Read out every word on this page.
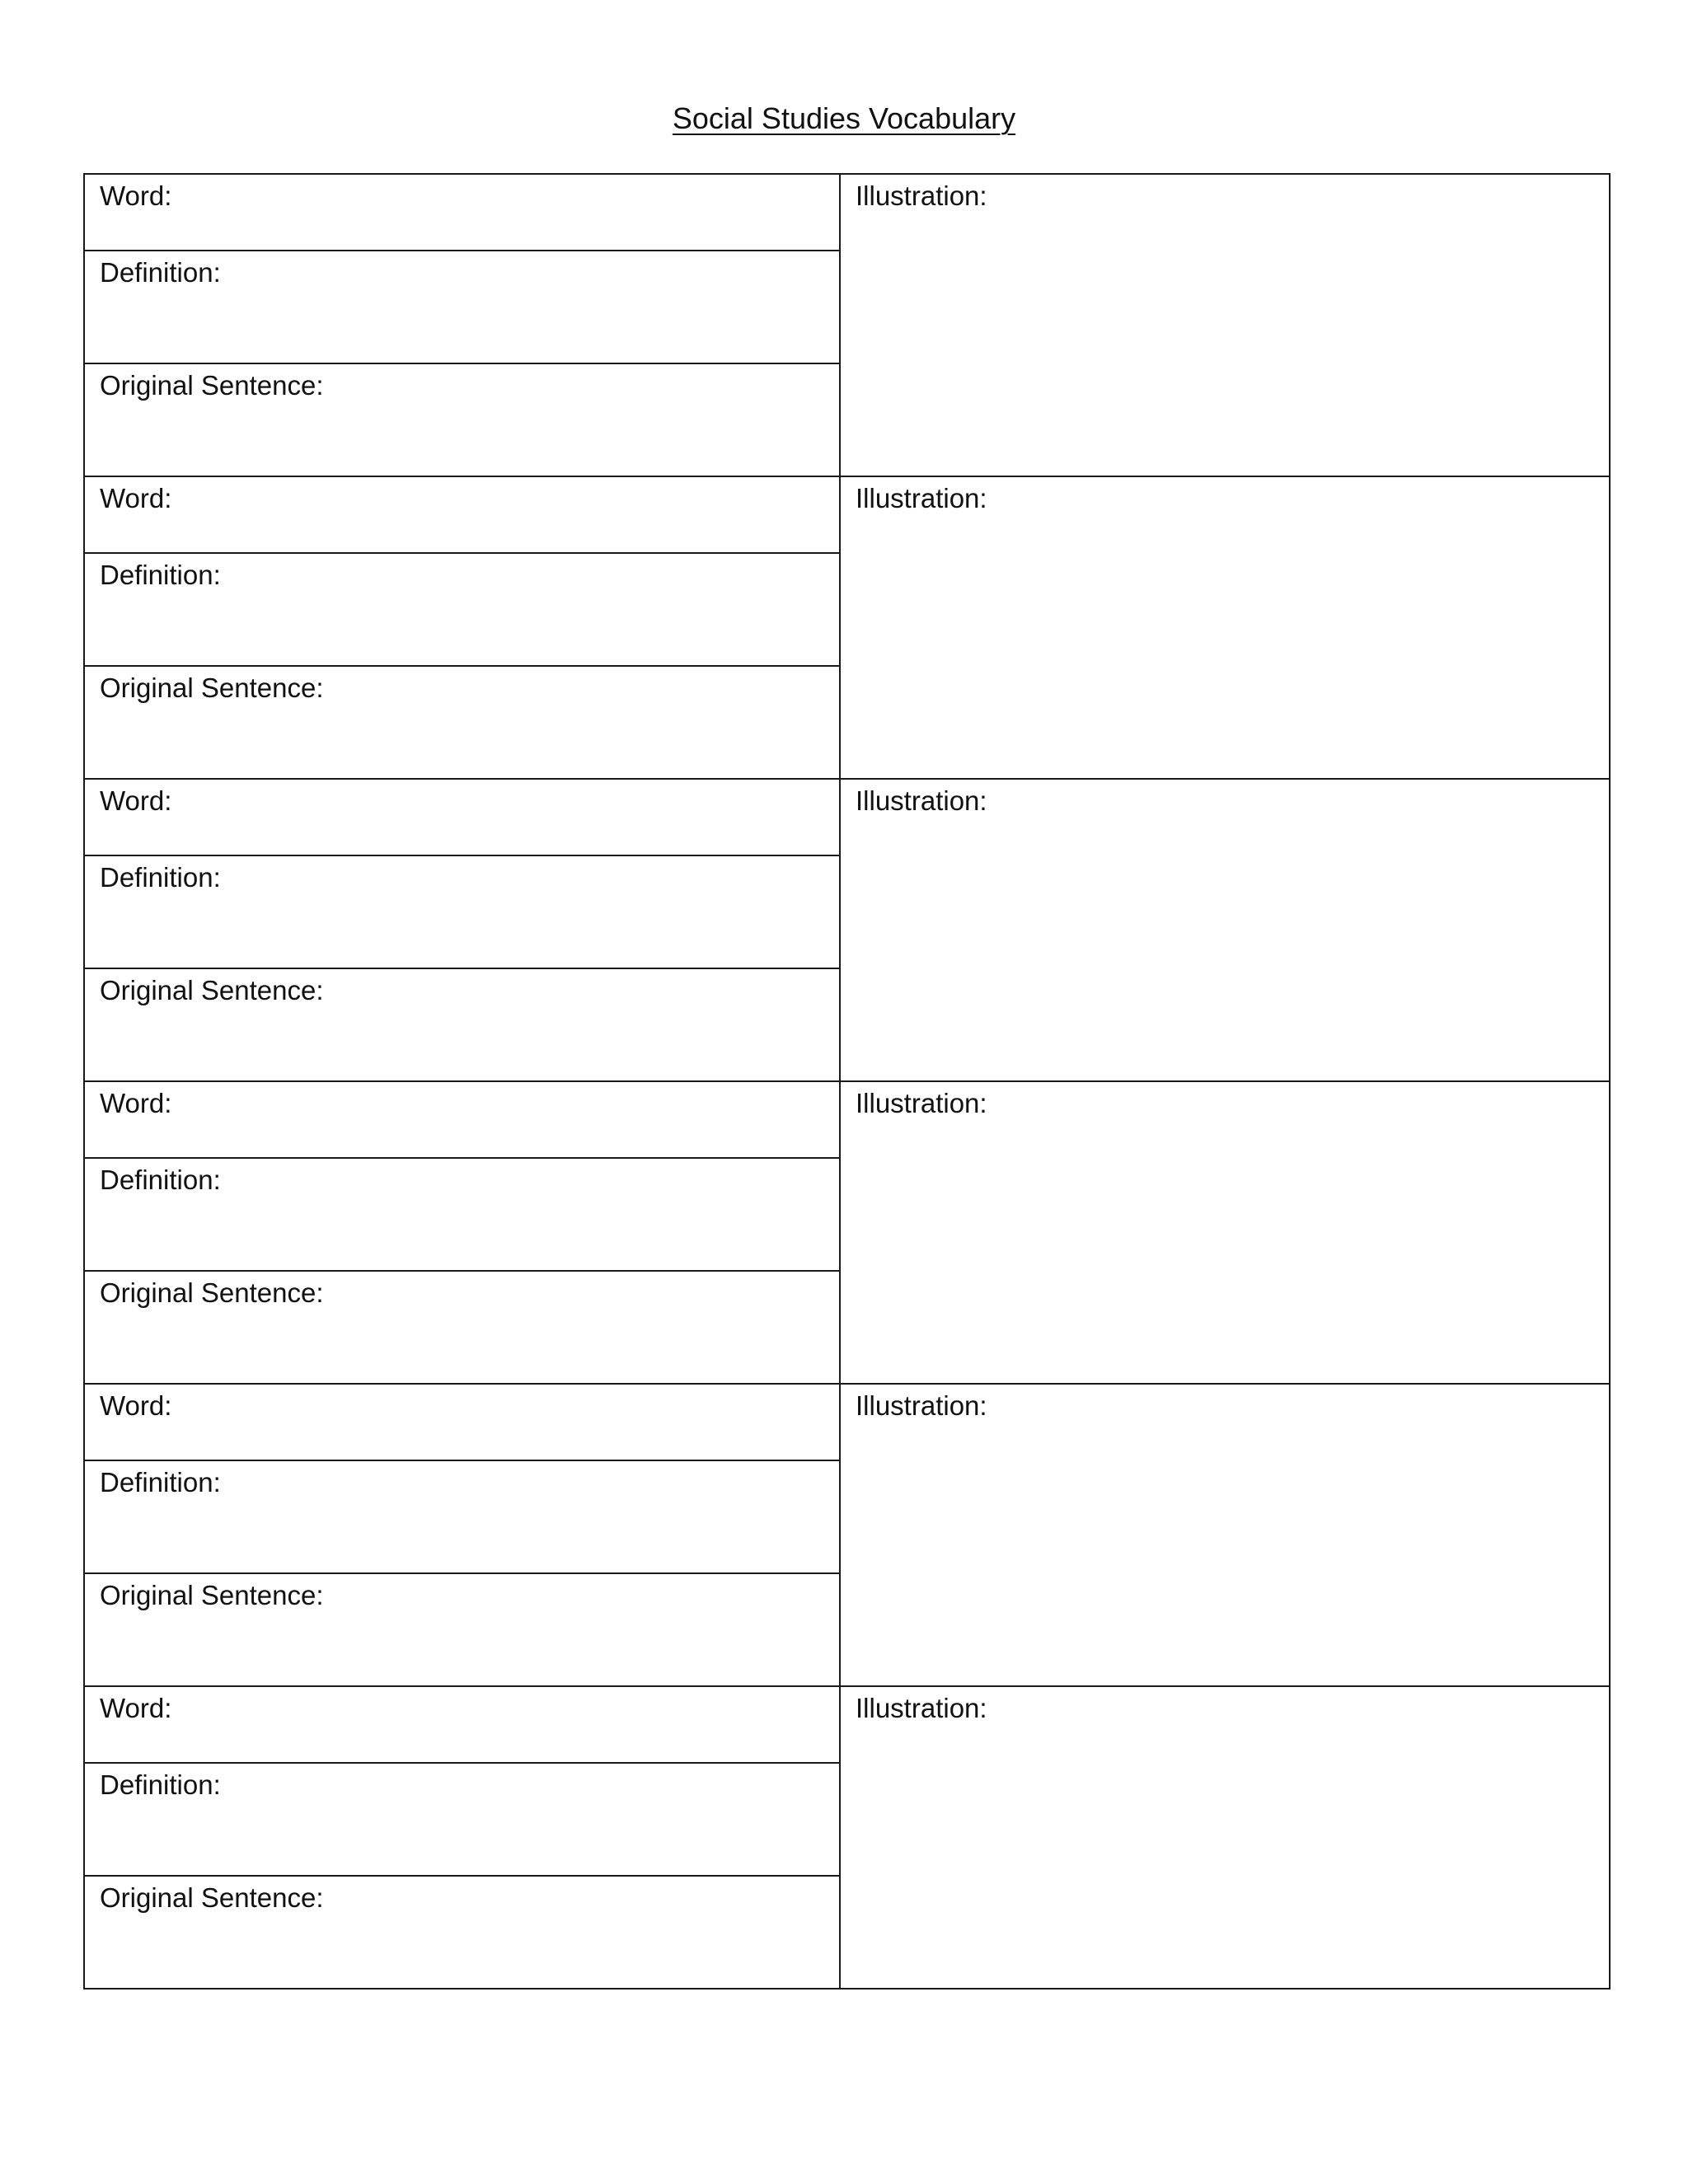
Social Studies Vocabulary
Word:	Illustration:

Definition:	

Original Sentence:	

Word:	Illustration:

Definition:	

Original Sentence:	

Word:	Illustration:

Definition:	

Original Sentence:	

Word:	Illustration:

Definition:	

Original Sentence:	

Word:	Illustration:

Definition:	

Original Sentence:	

Word:	Illustration:

Definition:	

Original Sentence:	
